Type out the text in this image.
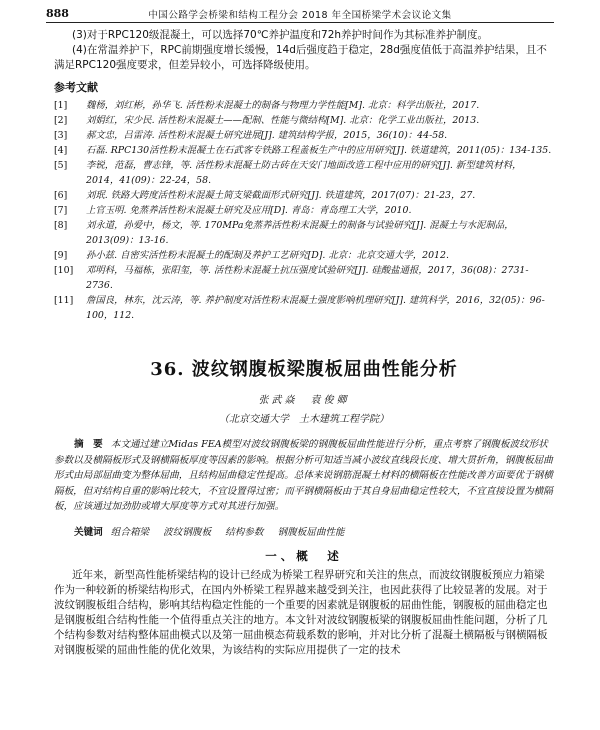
888	中国公路学会桥梁和结构工程分会 2018 年全国桥梁学术会议论文集

(3)对于RPC120级混凝土，可以选择70℃养护温度和72h养护时间作为其标准养护制度。

(4)在常温养护下，RPC前期强度增长缓慢，14d后强度趋于稳定，28d强度值低于高温养护结果，且不满足RPC120强度要求，但差异较小，可选择降级使用。

参考文献

[1] 魏杨，刘红彬，孙华飞. 活性粉末混凝土的制备与物理力学性能[M]. 北京：科学出版社，2017.

[2] 刘娟红，宋少民. 活性粉末混凝土——配制、性能与微结构[M]. 北京：化学工业出版社，2013.

[3] 郝文忠，吕雷涛. 活性粉末混凝土研究进展[J]. 建筑结构学报，2015，36(10)：44-58.

[4] 石磊. RPC130活性粉末混凝土在石武客专铁路工程盖板生产中的应用研究[J]. 铁道建筑，2011(05)：134-135.

[5] 李锐，范磊，曹志锋，等. 活性粉末混凝土防古砖在天安门地面改造工程中应用的研究[J]. 新型建筑材料，2014，41(09)：22-24，58.

[6] 刘珉. 铁路大跨度活性粉末混凝土简支梁截面形式研究[J]. 铁道建筑，2017(07)：21-23，27.

[7] 上官玉明. 免蒸养活性粉末混凝土研究及应用[D]. 青岛：青岛理工大学，2010.

[8] 刘永道，孙爱中，杨文，等. 170MPa免蒸养活性粉末混凝土的制备与试验研究[J]. 混凝土与水泥制品，2013(09)：13-16.

[9] 孙小兹. 自密实活性粉末混凝土的配制及养护工艺研究[D]. 北京：北京交通大学，2012.

[10] 邓明科，马福栋，张阳玺，等. 活性粉末混凝土抗压强度试验研究[J]. 硅酸盐通报，2017，36(08)：2731-2736.

[11] 詹国良，林东，沈云涛，等. 养护制度对活性粉末混凝土强度影响机理研究[J]. 建筑科学，2016，32(05)：96-100，112.

36. 波纹钢腹板梁腹板屈曲性能分析
张武焱　袁俊卿
（北京交通大学　土木建筑工程学院）

摘　要 本文通过建立Midas FEA模型对波纹钢腹板梁的钢腹板屈曲性能进行分析，重点考察了钢腹板波纹形状参数以及横隔板形式及钢横隔板厚度等因素的影响。根据分析可知适当减小波纹直线段长度、增大贯折角，钢腹板屈曲形式由局部屈曲变为整体屈曲，且结构屈曲稳定性提高。总体来说钢筋混凝土材料的横隔板在性能改善方面要优于钢横隔板，但对结构自重的影响比较大，不宜设置得过密；而平钢横隔板由于其自身屈曲稳定性较大，不宜直接设置为横隔板，应该通过加劲肋或增大厚度等方式对其进行加强。

关键词 组合箱梁 波纹钢腹板 结构参数 钢腹板屈曲性能

一、概　述

近年来，新型高性能桥梁结构的设计已经成为桥梁工程界研究和关注的焦点，而波纹钢腹板预应力箱梁作为一种较新的桥梁结构形式，在国内外桥梁工程界越来越受到关注，也因此获得了比较显著的发展。对于波纹钢腹板组合结构，影响其结构稳定性能的一个重要的因素就是钢腹板的屈曲性能，钢腹板的屈曲稳定也是钢腹板组合结构性能一个值得重点关注的地方。本文针对波纹钢腹板梁的钢腹板屈曲性能问题，分析了几个结构参数对结构整体屈曲模式以及第一屈曲模态荷载系数的影响，并对比分析了混凝土横隔板与钢横隔板对钢腹板梁的屈曲性能的优化效果，为该结构的实际应用提供了一定的技术
